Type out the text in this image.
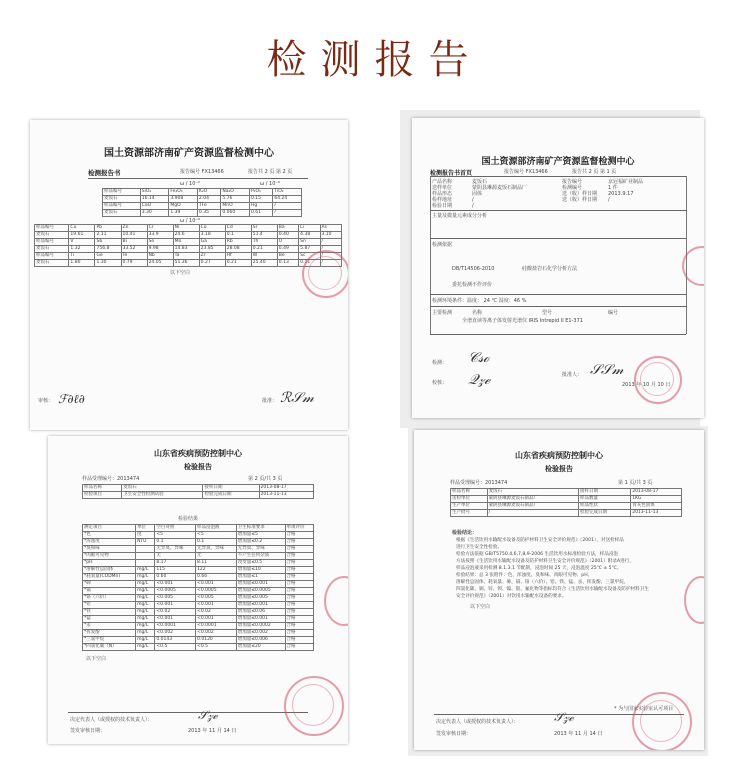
检测报告
国土资源部济南矿产资源监督检测中心
检测报告书	报告编号 FX13466	报告共 2 页 第 2 页
ω / 10⁻²	ω / 10⁻⁶
样品编号	SiO₂	Fe₂O₃	K₂O	Na₂O	P₂O₅	TiO₂
麦饭石	16.14	3.908	2.04	5.76	0.15	64.24
样品编号	CaO	MgO	TFe	MnO	Hg	/
麦饭石	3.30	1.39	0.35	0.060	0.61	/
ω / 10⁻⁶
样品编号	Cu	Pb	Zn	Cr	Ni	Co	Cd	Sr	Ba	Li	As
麦饭石	19.61	2.11	10.41	33.9	24.6	3.18	0.1	51.4	0.40	4.38	3.10
样品编号	V	Sb	Bi	Se	Mo	Ga	Rb	Th	U	Sn	/
麦饭石	1.32	756.8	33.52	9.98	14.83	23.85	28.08	0.21	0.49	5.87	/
样品编号	Ti	Ge	Te	Nb	Ta	Zr	Hf	W	Be	Sc	/
麦饭石	1.80	1.30	0.79	24.05	51.36	0.27	0.21	25.40	0.13	0.11	/
以下空白
审核： ℱ∂ℓ∂	批准： ℛ𝒮𝓂
国土资源部济南矿产资源监督检测中心
检测报告书首页	报告编号 FX13466	报告共 2 页 第 1 页
产品名称	麦饭石	报告编号	京冠福矿业制品
送样单位	蒙阴县琳源麦饭石制品厂	检测编号	1 件
样品形态	固体	送（收）样日期 2013.9.17
检样地址	/	送（收）样日期 /
检验日期	/
主量及微量元素成分分析
检测依据
DB/T14506-2010	硅酸盐岩石化学分析方法
委托检测不作评价
检测环境条件：温度： 24 ℃ 湿度：46 %
主要检测	名称	型号	编号
全谱直读等离子体发射光谱仪 IRIS Intrepid II E1-371
检测： 𝒞𝓈ℴ
校核： 𝒬𝓏ℯ	批准人： 𝒮𝒮𝓂
2013 年 10 月 10 日
山东省疾病预防控制中心
检验报告
样品受理编号：2013474	第 2 页/共 3 页
样品名称	麦饭石	接样日期	2013-08-17
检验项目	卫生安全性检测试验	检验完成日期	2013-11-13
检验结果
测定项目	单位	空白对照	样品浸泡液	卫生标准要求	单项评价
*色	度	<5	<5	增加量≤5	合格
*浑浊度	NTU	0.1	0.1	增加量≤0.2	合格
*臭和味		无异臭、异味	无异臭、异味	无异臭、异味	合格
*肉眼可见物		无	无	不产生任何杂质	合格
*pH		8.17	8.11	改变量≤0.5	合格
*溶解性总固体	mg/L	115	122	增加量≤10	合格
*耗氧量(CODMn)	mg/L	0.60	0.66	增加量≤1	合格
*砷	mg/L	<0.001	<0.001	增加量≤0.001	合格
*镉	mg/L	<0.0005	<0.0005	增加量≤0.0005	合格
*铬（六价）	mg/L	<0.005	<0.005	增加量≤0.005	合格
*铅	mg/L	<0.001	<0.001	增加量≤0.001	合格
*铁	mg/L	<0.02	<0.02	增加量≤0.06	合格
*锰	mg/L	<0.001	<0.001	增加量≤0.001	合格
*汞	mg/L	<0.0001	<0.0001	增加量≤0.0002	合格
*挥发酚	mg/L	<0.002	<0.002	增加量≤0.002	合格
*三氯甲烷	mg/L	0.0143	0.0120	增加量≤0.006	合格
*四氯化碳（N）	mg/L	<0.5	<0.5	增加量≤20	合格
以下空白
决定代表人（或授权的技术负责人）：	𝒮𝓏ℯ
签发审核日期：	2013 年 11 月 14 日
山东省疾病预防控制中心
检验报告
样品受理编号：2013474	第 1 页/共 3 页
样品名称	麦饭石	接样日期	2013-08-17
送检单位	蒙阴县琳源麦饭石制品厂	样品数量	1KG
生产单位	蒙阴县琳源麦饭石制品厂	样品性状	青灰色固体
生产批号	/	检验完成日期	2013-11-13
检验结论：
根据《生活饮用水输配水设备及防护材料卫生安全评价规范》（2001），对送检样品
进行卫生安全性检验。
检验方法依据 GB/T5750.4,6,7,8,9-2006 生活饮用水标准检验方法，样品浸泡
方法按照《生活饮用水输配水设备及防护材料卫生安全评价规范》（2001）附录A进行，
样品浸泡液采用检测 8.1.3.1 节配制，浸泡时间 25 天，浸泡温度 25℃ ± 5℃。
检验结果：总 3 张附件：色、浑浊度、臭和味、肉眼可见物、pH、
溶解性总固体、耗氧量、砷、镉、铬（六价）、铅、铁、锰、汞、挥发酚、三氯甲烷、
四氯化碳、铜、锌、钡、镍、银、氟化物等指标均符合《生活饮用水输配水设备及防护材料卫生
安全评价规范》（2001）对饮用水输配水设备的要求。
以下空白
* 为与国家实验室认可项目
决定代表人（或授权的技术负责人）：	𝒮𝓏ℯ
签发审核日期：	2013 年 11 月 14 日
